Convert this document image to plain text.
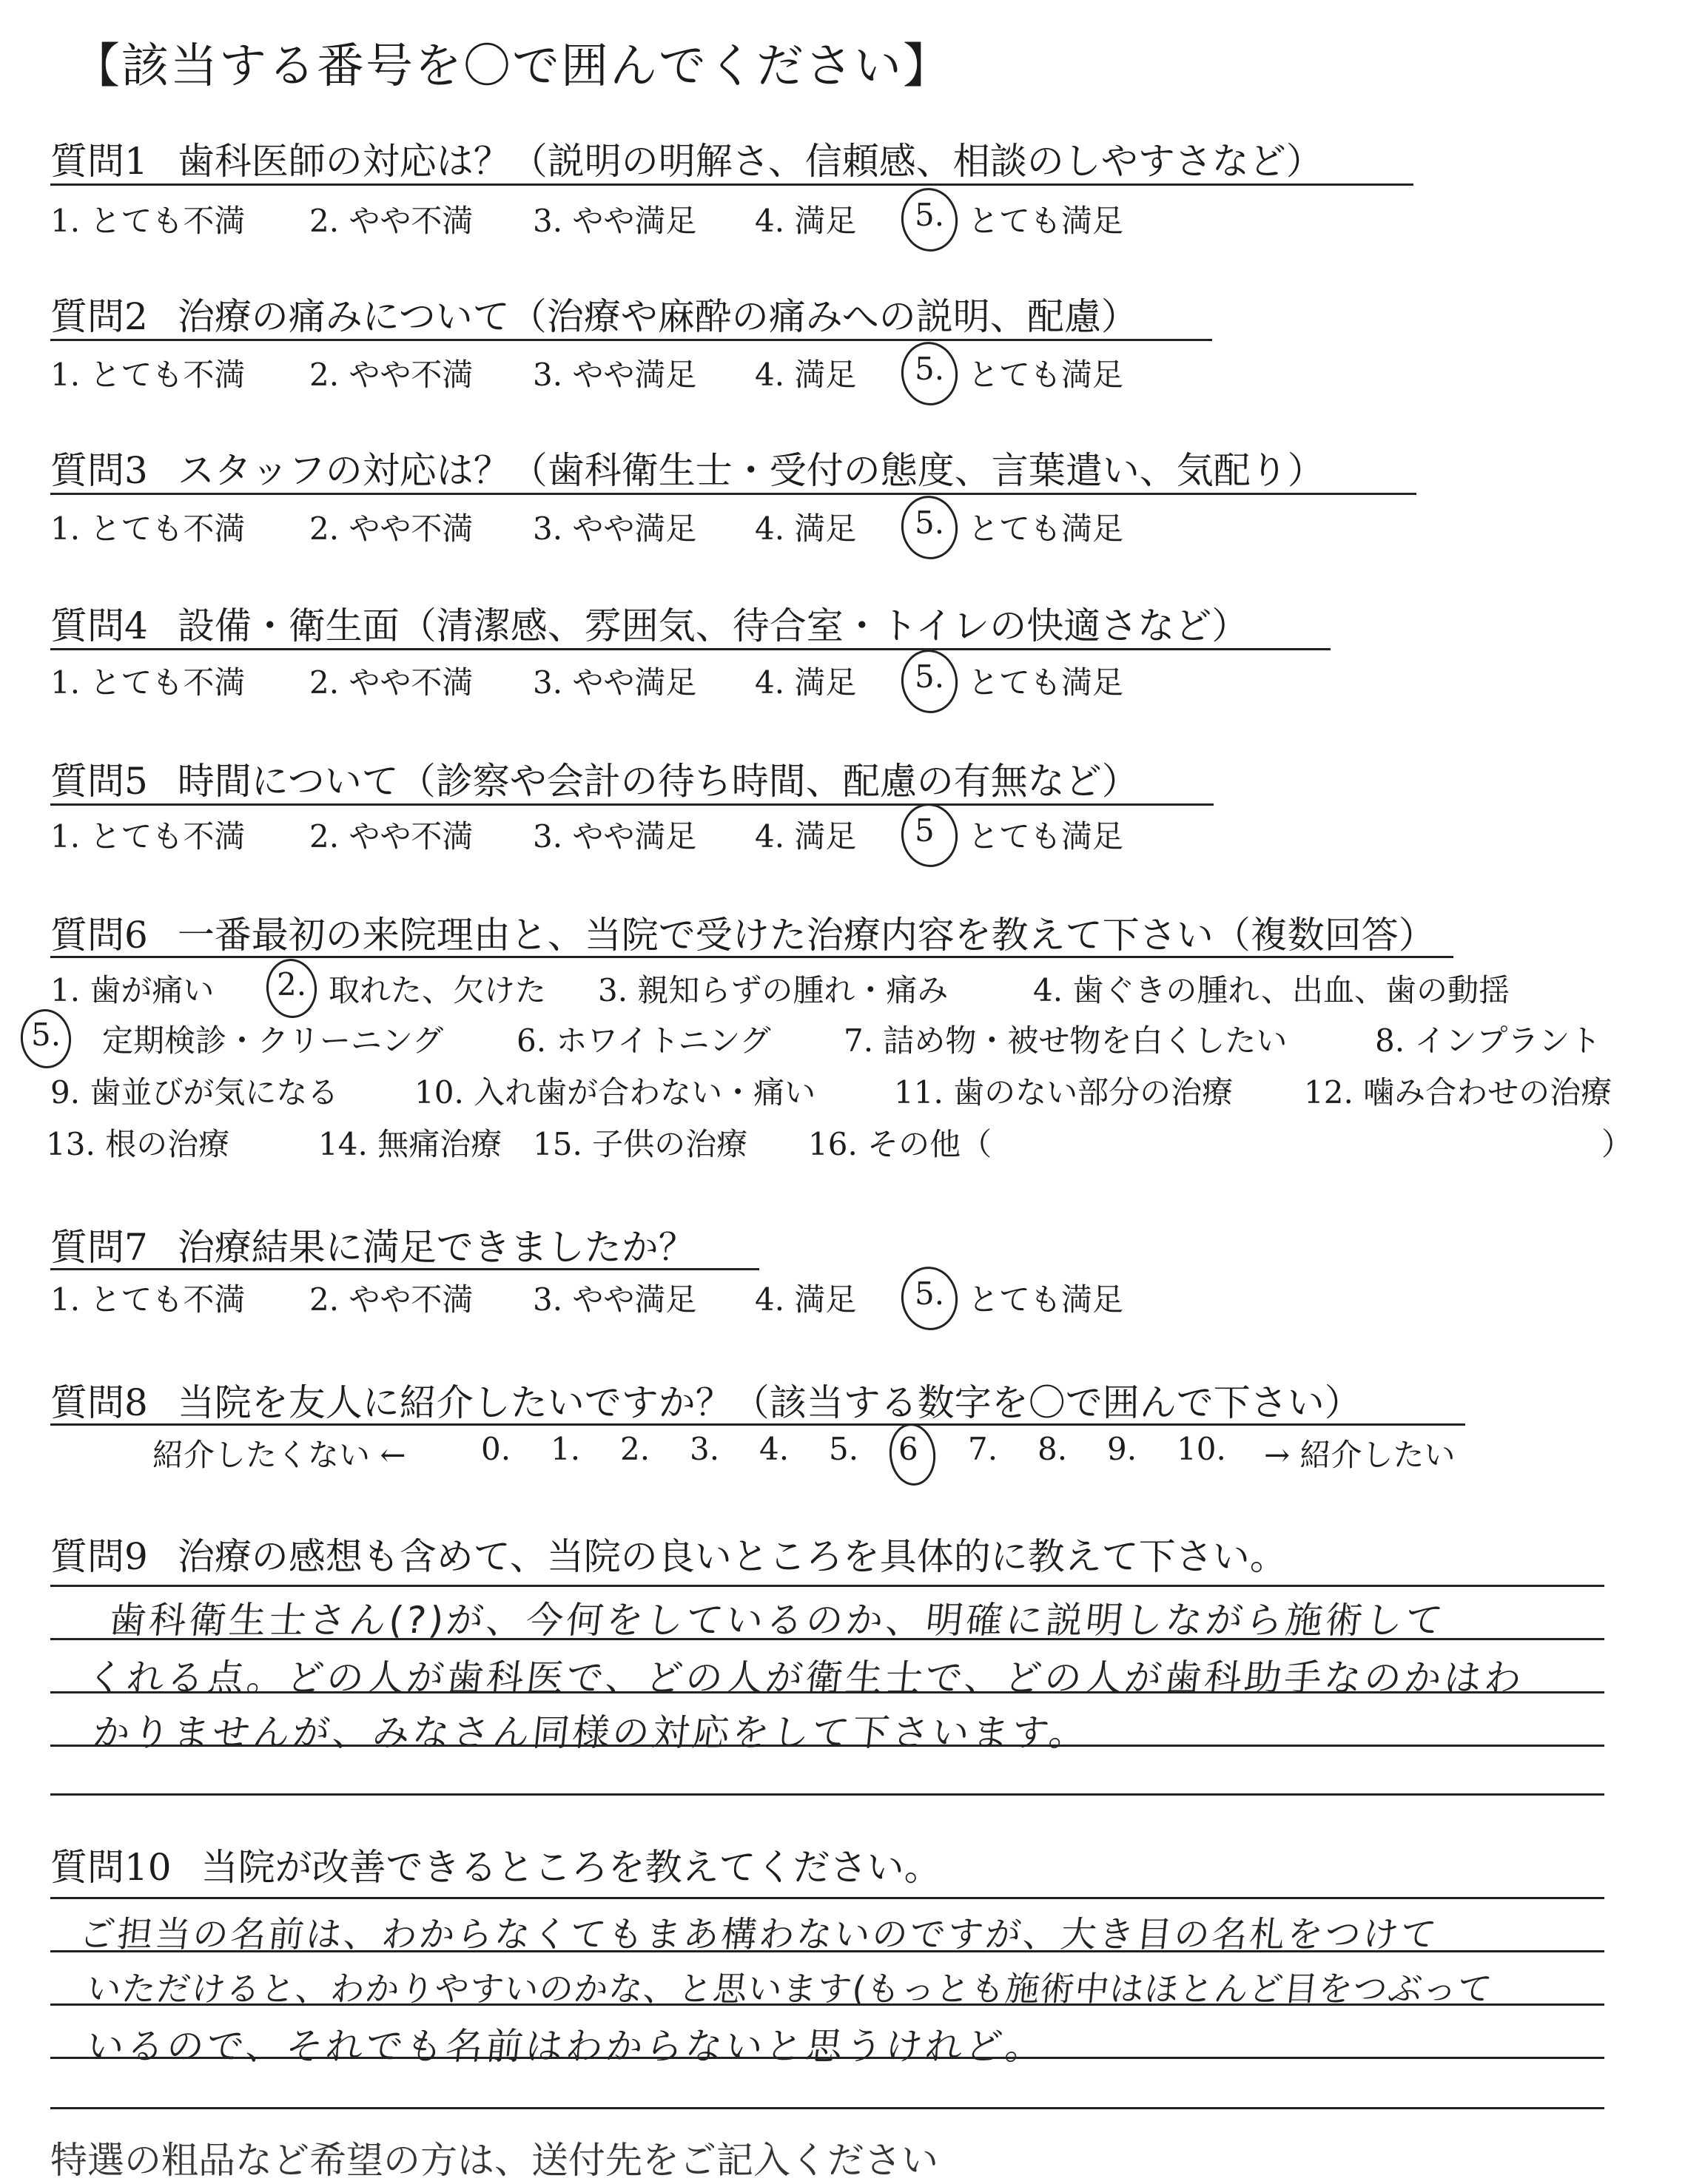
【該当する番号を〇で囲んでください】
質問1 歯科医師の対応は？（説明の明解さ、信頼感、相談のしやすさなど）
1. とても不満 2. やや不満 3. やや満足 4. 満足 5. とても満足
質問2 治療の痛みについて（治療や麻酔の痛みへの説明、配慮）
1. とても不満 2. やや不満 3. やや満足 4. 満足 5. とても満足
質問3 スタッフの対応は？（歯科衛生士・受付の態度、言葉遣い、気配り）
1. とても不満 2. やや不満 3. やや満足 4. 満足 5. とても満足
質問4 設備・衛生面（清潔感、雰囲気、待合室・トイレの快適さなど）
1. とても不満 2. やや不満 3. やや満足 4. 満足 5. とても満足
質問5 時間について（診察や会計の待ち時間、配慮の有無など）
1. とても不満 2. やや不満 3. やや満足 4. 満足 5 とても満足
質問6 一番最初の来院理由と、当院で受けた治療内容を教えて下さい（複数回答）
1. 歯が痛い 2. 取れた、欠けた 3. 親知らずの腫れ・痛み	4. 歯ぐきの腫れ、出血、歯の動揺
5. 定期検診・クリーニング 6. ホワイトニング 7. 詰め物・被せ物を白くしたい	8. インプラント
9. 歯並びが気になる 10. 入れ歯が合わない・痛い	11. 歯のない部分の治療 12. 噛み合わせの治療
13. 根の治療	14. 無痛治療 15. 子供の治療 16. その他（	）
質問7 治療結果に満足できましたか？
1. とても不満 2. やや不満 3. やや満足 4. 満足 5. とても満足
質問8 当院を友人に紹介したいですか？（該当する数字を〇で囲んで下さい）
紹介したくない ← 0. 1. 2. 3. 4. 5. 6 7. 8. 9. 10. → 紹介したい
質問9 治療の感想も含めて、当院の良いところを具体的に教えて下さい。
歯科衛生士さん(?)が、今何をしているのか、明確に説明しながら施術して
くれる点。どの人が歯科医で、どの人が衛生士で、どの人が歯科助手なのかはわ
かりませんが、みなさん同様の対応をして下さいます。
質問10 当院が改善できるところを教えてください。
ご担当の名前は、わからなくてもまあ構わないのですが、大き目の名札をつけて
いただけると、わかりやすいのかな、と思います(もっとも施術中はほとんど目をつぶって
いるので、それでも名前はわからないと思うけれど。
特選の粗品など希望の方は、送付先をご記入ください
